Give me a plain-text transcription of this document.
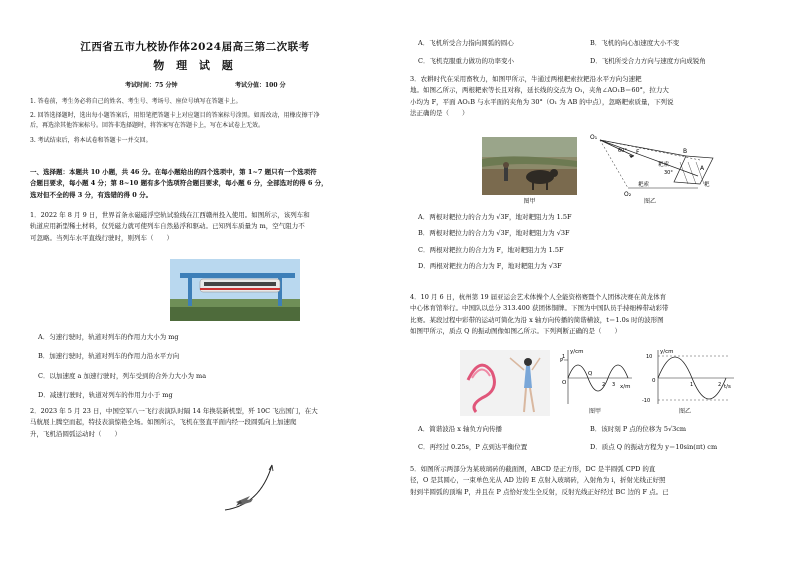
江西省五市九校协作体2024届高三第二次联考
物 理 试 题
考试时间：75 分钟	考试分值：100 分
1. 答卷前，考生务必将自己的姓名、考生号、考场号、座位号填写在答题卡上。
2. 回答选择题时，选出每小题答案后，用铅笔把答题卡上对应题目的答案标号涂黑。如需改动，用橡皮擦干净
后，再选涂其他答案标号。回答非选择题时，将答案写在答题卡上，写在本试卷上无效。
3. 考试结束后，将本试卷和答题卡一并交回。
一、选择题：本题共 10 小题，共 46 分。在每小题给出的四个选项中，第 1~7 题只有一个选项符
合题目要求，每小题 4 分；第 8~10 题有多个选项符合题目要求，每小题 6 分，全部选对的得 6 分，
选对但不全的得 3 分，有选错的得 0 分。
1．2022 年 8 月 9 日，世界首条永磁磁浮空轨试验线在江西赣州投入使用。如图所示，该列车和
轨道应用新型稀土材料，仅凭磁力就可使列车自然悬浮和驱动。已知列车质量为 m，空气阻力不
可忽略。当列车水平直线行驶时，则列车（　　）
A．匀速行驶时，轨道对列车的作用力大小为 mg
B．加速行驶时，轨道对列车的作用力沿水平方向
C．以加速度 a 加速行驶时，列车受到的合外力大小为 ma
D．减速行驶时，轨道对列车的作用力小于 mg
2．2023 年 5 月 23 日，中国空军八一飞行表演队时隔 14 年换装新机型，歼 10C 飞出国门，在大
马航展上腾空而起，特技表演惊艳全场。如图所示，飞机在竖直平面内经一段圆弧向上加速爬
升，飞机沿圆弧运动时（　　）
A．飞机所受合力指向圆弧的圆心	B．飞机的向心加速度大小不变
C．飞机克服重力做功的功率变小	D．飞机所受合力方向与速度方向成锐角
3．农耕时代在采用畜牧力，如图甲所示，牛通过两根耙索拉耙沿水平方向匀速耙
地。如图乙所示，两根耙索等长且对称，延长线的交点为 O₁，夹角∠AO₁B＝60°，拉力大
小均为 F，平面 AO₁B 与水平面的夹角为 30°（O₁ 为 AB 的中点），忽略耙索质量，下列说
法正确的是（　　）
图甲
O₁
F
60°	B
A
耙索
30°
耙
耙索
O₂
图乙
A．两根对耙拉力的合力为 √3F，地对耙阻力为 1.5F
B．两根对耙拉力的合力为 √3F，地对耙阻力为 √3F
C．两根对耙拉力的合力为 F，地对耙阻力为 1.5F
D．两根对耙拉力的合力为 F，地对耙阻力为 √3F
4．10 月 6 日，杭州第 19 届亚运会艺术体操个人全能资格赛暨个人团体决赛在黄龙体育
中心体育馆举行。中国队以总分 313.400 获团体铜牌。下图为中国队员手持细棒带动彩带
比赛。某段过程中彩带的运动可简化为沿 x 轴方向传播的简谐横波，t＝1.0s 时的波形图
如图甲所示，质点 Q 的振动图像如图乙所示。下列判断正确的是（　　）
y/cm
x/m
P
Q
O	2 3
1
图甲
y/cm
t/s
0
10
-10
1	2
图乙
A．简谐波沿 x 轴负方向传播	B．该时刻 P 点的位移为 5√3cm
C．再经过 0.25s，P 点到达平衡位置	D．质点 Q 的振动方程为 y＝10sin(πt) cm
5．如图所示两部分为某玻璃砖的截面图，ABCD 是正方形，DC 是半圆弧 CPD 的直
径，O 是其圆心，一束单色光从 AD 边的 E 点射入玻璃砖，入射角为 i，折射光线正好照
射到半圆弧的顶端 P，并且在 P 点恰好发生全反射，反射光线正好经过 BC 边的 F 点。已
